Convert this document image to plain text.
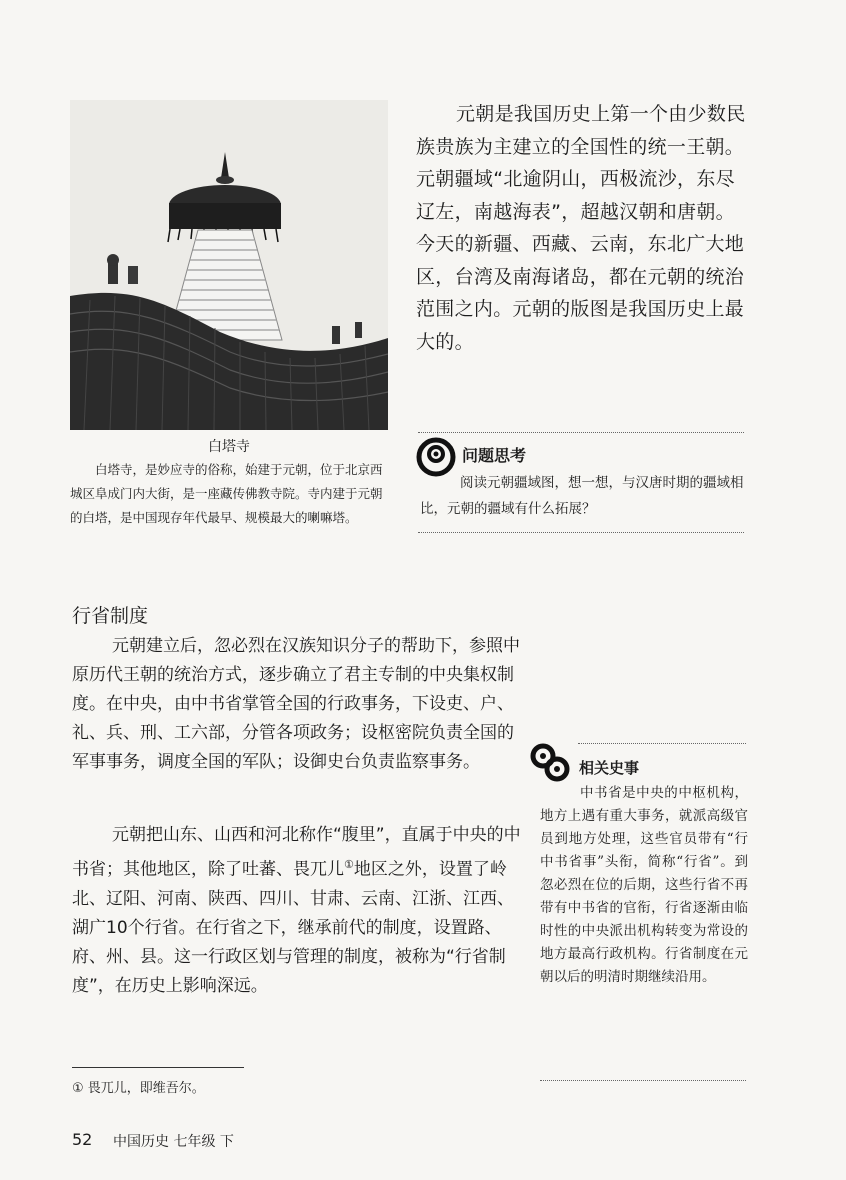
白塔寺
白塔寺，是妙应寺的俗称，始建于元朝，位于北京西城区阜成门内大街，是一座藏传佛教寺院。寺内建于元朝的白塔，是中国现存年代最早、规模最大的喇嘛塔。
元朝是我国历史上第一个由少数民族贵族为主建立的全国性的统一王朝。元朝疆域“北逾阴山，西极流沙，东尽辽左，南越海表”，超越汉朝和唐朝。今天的新疆、西藏、云南，东北广大地区，台湾及南海诸岛，都在元朝的统治范围之内。元朝的版图是我国历史上最大的。
问题思考
阅读元朝疆域图，想一想，与汉唐时期的疆域相比，元朝的疆域有什么拓展？
行省制度
元朝建立后，忽必烈在汉族知识分子的帮助下，参照中原历代王朝的统治方式，逐步确立了君主专制的中央集权制度。在中央，由中书省掌管全国的行政事务，下设吏、户、礼、兵、刑、工六部，分管各项政务；设枢密院负责全国的军事事务，调度全国的军队；设御史台负责监察事务。
元朝把山东、山西和河北称作“腹里”，直属于中央的中书省；其他地区，除了吐蕃、畏兀儿①地区之外，设置了岭北、辽阳、河南、陕西、四川、甘肃、云南、江浙、江西、湖广10个行省。在行省之下，继承前代的制度，设置路、府、州、县。这一行政区划与管理的制度，被称为“行省制度”，在历史上影响深远。
相关史事
中书省是中央的中枢机构，地方上遇有重大事务，就派高级官员到地方处理，这些官员带有“行中书省事”头衔，简称“行省”。到忽必烈在位的后期，这些行省不再带有中书省的官衔，行省逐渐由临时性的中央派出机构转变为常设的地方最高行政机构。行省制度在元朝以后的明清时期继续沿用。
① 畏兀儿，即维吾尔。
52 中国历史 七年级 下
